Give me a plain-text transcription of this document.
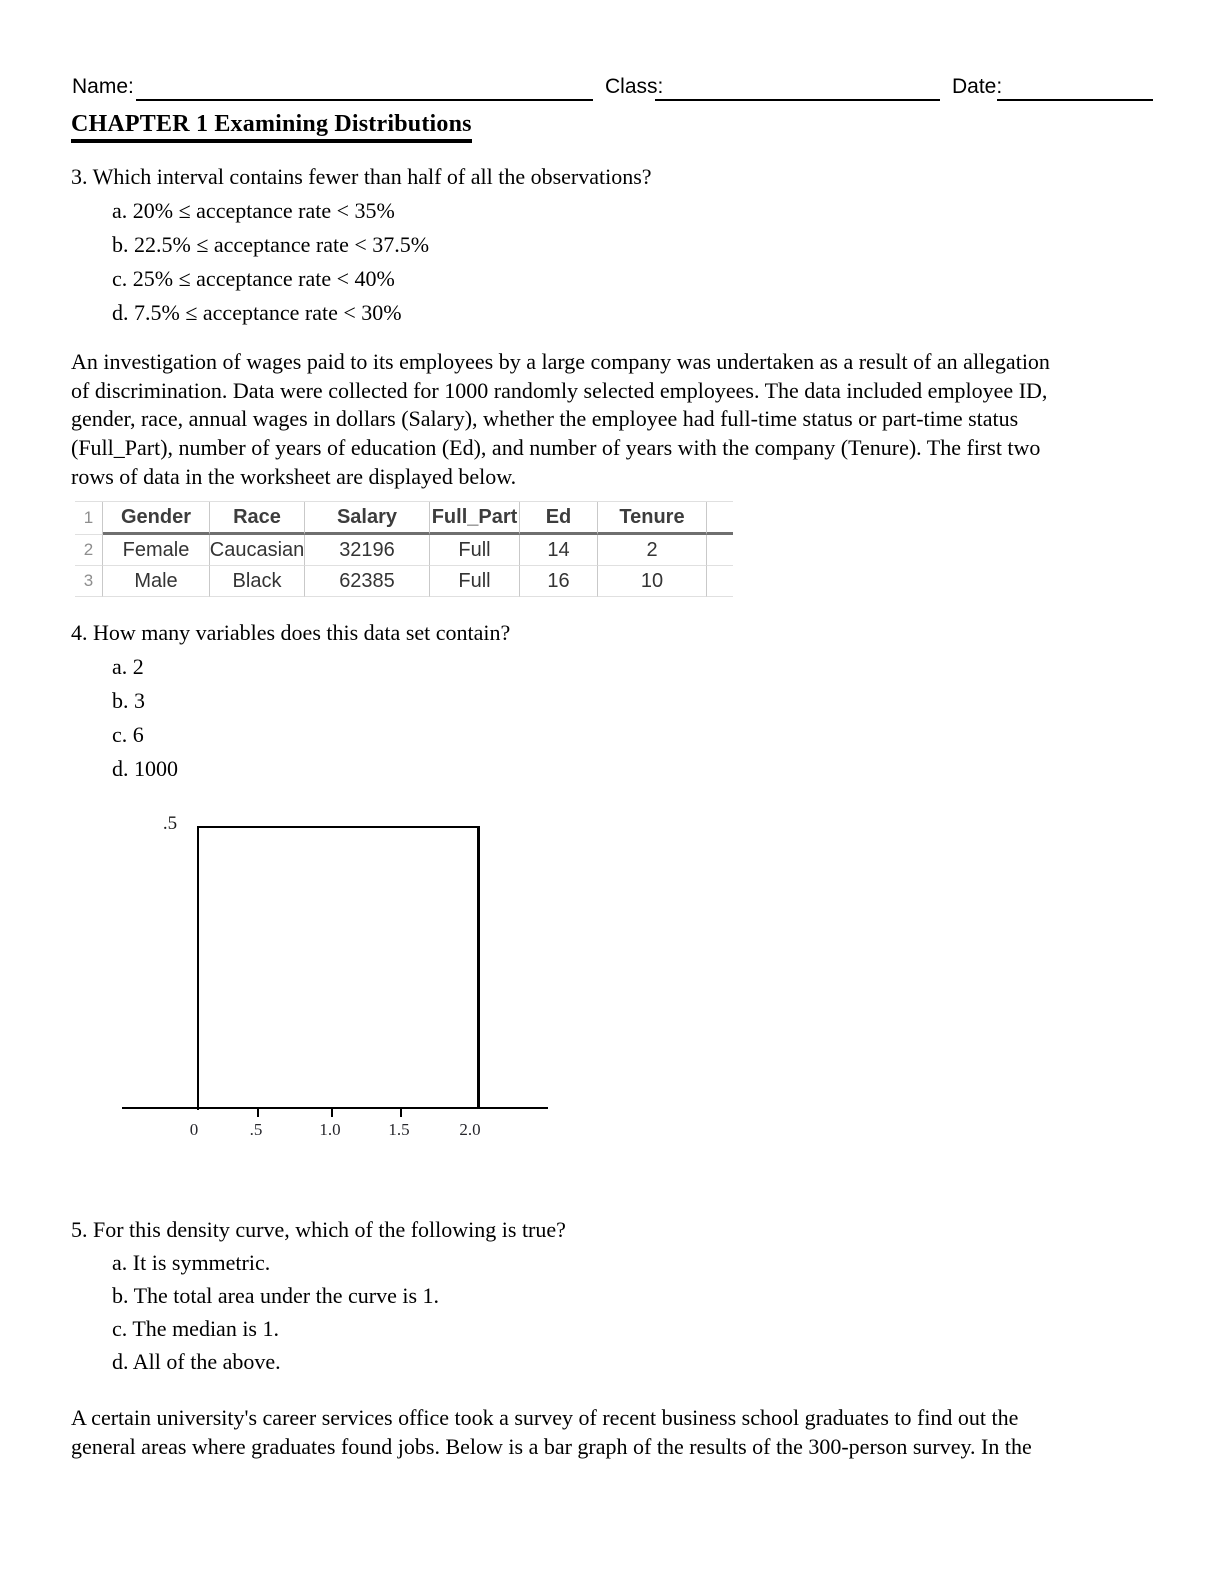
Name:	Class:	Date:
CHAPTER 1 Examining Distributions
3. Which interval contains fewer than half of all the observations?
a. 20% ≤ acceptance rate < 35%
b. 22.5% ≤ acceptance rate < 37.5%
c. 25% ≤ acceptance rate < 40%
d. 7.5% ≤ acceptance rate < 30%
An investigation of wages paid to its employees by a large company was undertaken as a result of an allegation
of discrimination. Data were collected for 1000 randomly selected employees. The data included employee ID,
gender, race, annual wages in dollars (Salary), whether the employee had full-time status or part-time status
(Full_Part), number of years of education (Ed), and number of years with the company (Tenure). The first two
rows of data in the worksheet are displayed below.
1	Gender	Race	Salary	Full_Part	Ed	Tenure
2	Female	Caucasian	32196	Full	14	2
3	Male	Black	62385	Full	16	10
4. How many variables does this data set contain?
a. 2
b. 3
c. 6
d. 1000
.5
0	.5	1.0	1.5	2.0
5. For this density curve, which of the following is true?
a. It is symmetric.
b. The total area under the curve is 1.
c. The median is 1.
d. All of the above.
A certain university's career services office took a survey of recent business school graduates to find out the
general areas where graduates found jobs. Below is a bar graph of the results of the 300-person survey. In the
